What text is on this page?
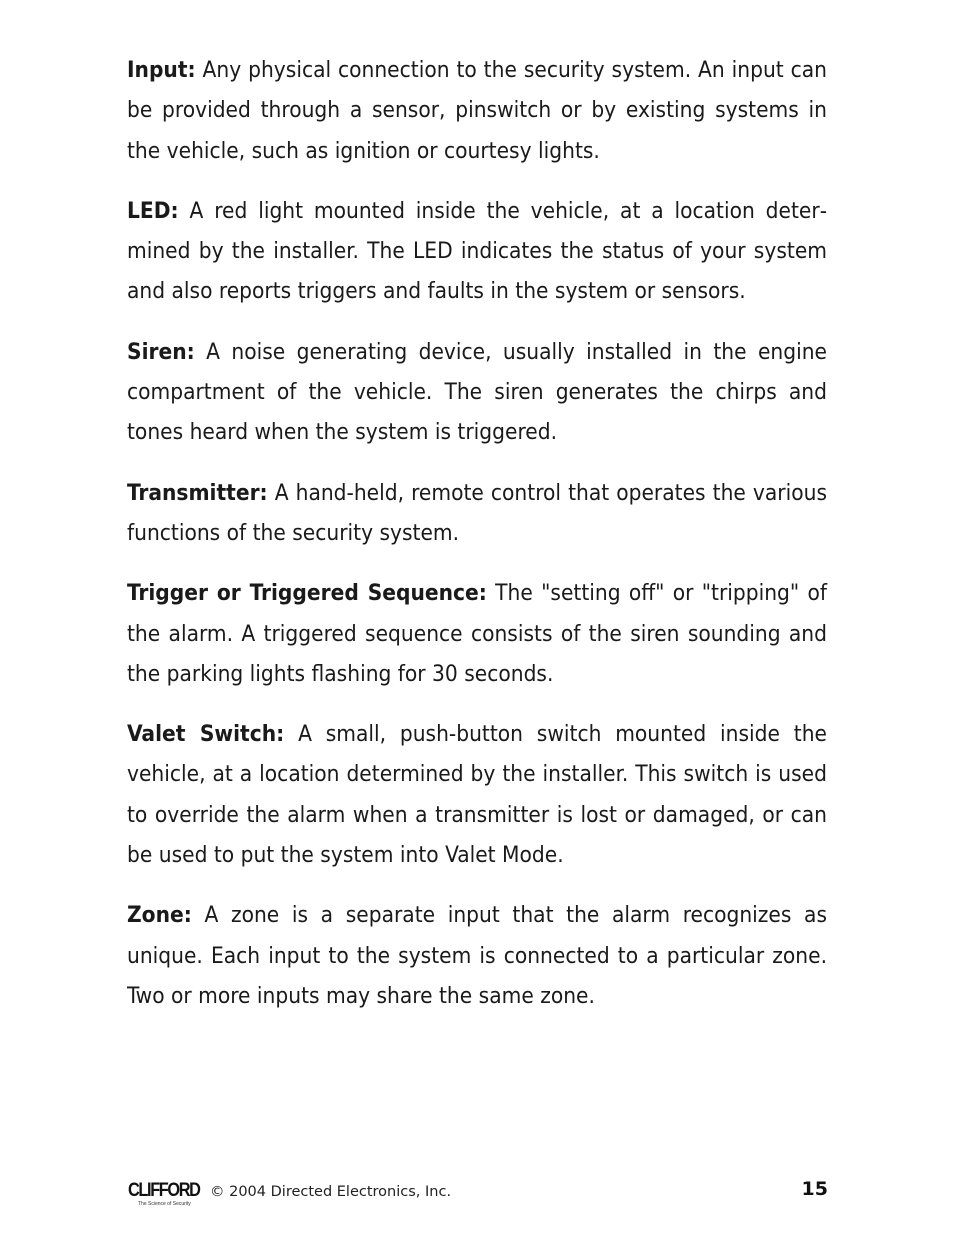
Input: Any physical connection to the security system. An input can be provided through a sensor, pinswitch or by existing systems in the vehicle, such as ignition or courtesy lights.

LED: A red light mounted inside the vehicle, at a location determined by the installer. The LED indicates the status of your system and also reports triggers and faults in the system or sensors.

Siren: A noise generating device, usually installed in the engine compartment of the vehicle. The siren generates the chirps and tones heard when the system is triggered.

Transmitter: A hand-held, remote control that operates the various functions of the security system.

Trigger or Triggered Sequence: The "setting off" or "tripping" of the alarm. A triggered sequence consists of the siren sounding and the parking lights flashing for 30 seconds.

Valet Switch: A small, push-button switch mounted inside the vehicle, at a location determined by the installer. This switch is used to override the alarm when a transmitter is lost or damaged, or can be used to put the system into Valet Mode.

Zone: A zone is a separate input that the alarm recognizes as unique. Each input to the system is connected to a particular zone. Two or more inputs may share the same zone.

CLIFFORD
The Science of Security
© 2004 Directed Electronics, Inc.	15
